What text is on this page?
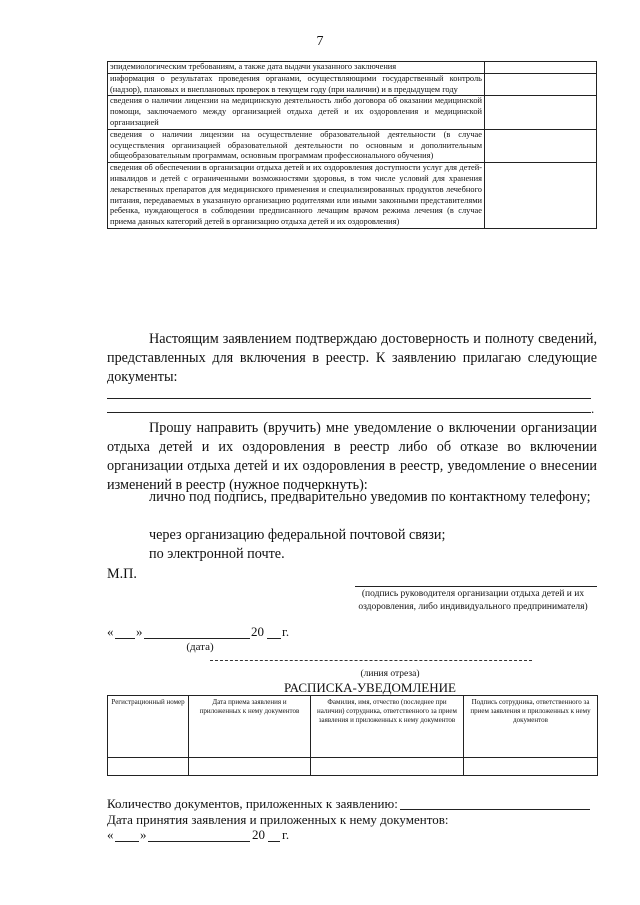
7
эпидемиологическим требованиям, а также дата выдачи указанного заключения	
информация о результатах проведения органами, осуществляющими государственный контроль (надзор), плановых и внеплановых проверок в текущем году (при наличии) и в предыдущем году	
сведения о наличии лицензии на медицинскую деятельность либо договора об оказании медицинской помощи, заключаемого между организацией отдыха детей и их оздоровления и медицинской организацией	
сведения о наличии лицензии на осуществление образовательной деятельности (в случае осуществления организацией образовательной деятельности по основным и дополнительным общеобразовательным программам, основным программам профессионального обучения)	
сведения об обеспечении в организации отдыха детей и их оздоровления доступности услуг для детей-инвалидов и детей с ограниченными возможностями здоровья, в том числе условий для хранения лекарственных препаратов для медицинского применения и специализированных продуктов лечебного питания, передаваемых в указанную организацию родителями или иными законными представителями ребенка, нуждающегося в соблюдении предписанного лечащим врачом режима лечения (в случае приема данных категорий детей в организацию отдыха детей и их оздоровления)	
Настоящим заявлением подтверждаю достоверность и полноту сведений, представленных для включения в реестр. К заявлению прилагаю следующие документы:
.
Прошу направить (вручить) мне уведомление о включении организации отдыха детей и их оздоровления в реестр либо об отказе во включении организации отдыха детей и их оздоровления в реестр, уведомление о внесении изменений в реестр (нужное подчеркнуть):
лично под подпись, предварительно уведомив по контактному телефону;
через организацию федеральной почтовой связи;
по электронной почте.
М.П.
(подпись руководителя организации отдыха детей и их оздоровления, либо индивидуального предпринимателя)
« »	20 г.
(дата)
(линия отреза)
РАСПИСКА-УВЕДОМЛЕНИЕ
Регистрационный номер	Дата приема заявления и приложенных к нему документов	Фамилия, имя, отчество (последнее при наличии) сотрудника, ответственного за прием заявления и приложенных к нему документов	Подпись сотрудника, ответственного за прием заявления и приложенных к нему документов

Количество документов, приложенных к заявлению:
Дата принятия заявления и приложенных к нему документов:
« »	20 г.
